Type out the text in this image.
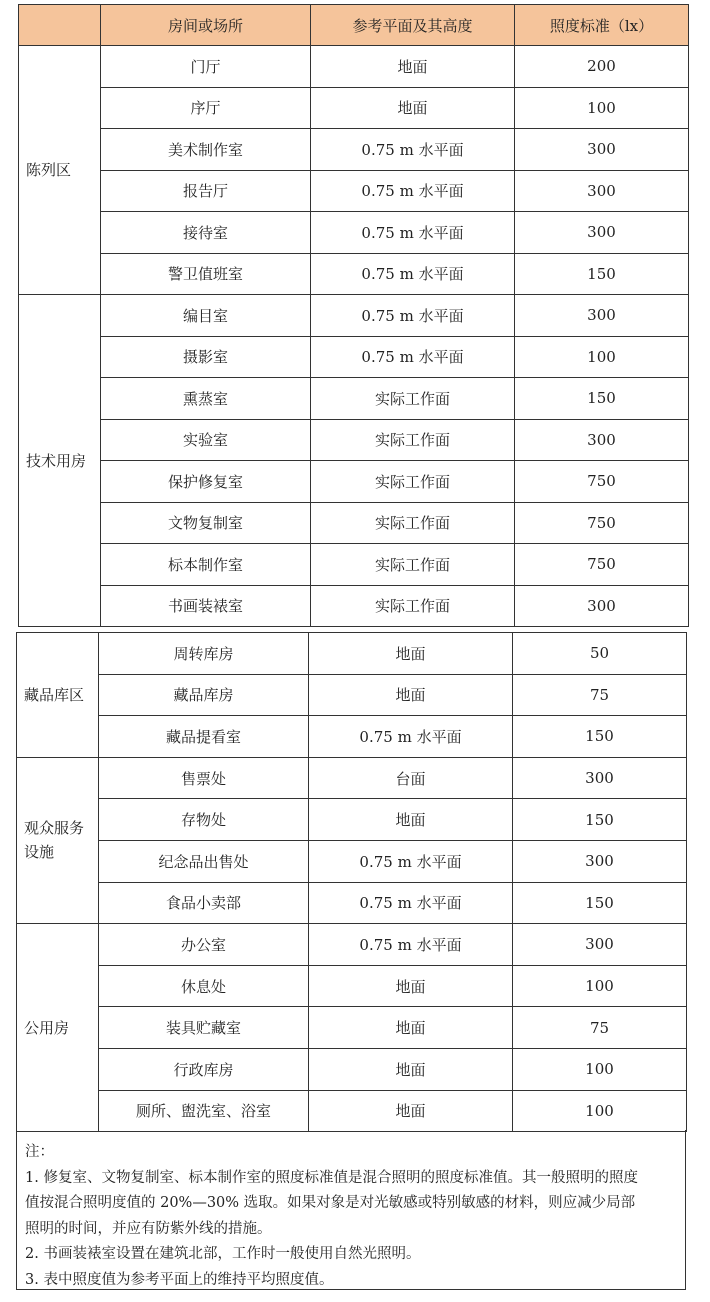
	房间或场所	参考平面及其高度	照度标准（lx）
陈列区	门厅	地面	200
	序厅	地面	100
	美术制作室	0.75 m 水平面	300
	报告厅	0.75 m 水平面	300
	接待室	0.75 m 水平面	300
	警卫值班室	0.75 m 水平面	150
技术用房	编目室	0.75 m 水平面	300
	摄影室	0.75 m 水平面	100
	熏蒸室	实际工作面	150
	实验室	实际工作面	300
	保护修复室	实际工作面	750
	文物复制室	实际工作面	750
	标本制作室	实际工作面	750
	书画装裱室	实际工作面	300
藏品库区	周转库房	地面	50
	藏品库房	地面	75
	藏品提看室	0.75 m 水平面	150
观众服务设施	售票处	台面	300
	存物处	地面	150
	纪念品出售处	0.75 m 水平面	300
	食品小卖部	0.75 m 水平面	150
公用房	办公室	0.75 m 水平面	300
	休息处	地面	100
	装具贮藏室	地面	75
	行政库房	地面	100
	厕所、盥洗室、浴室	地面	100

注：

1. 修复室、文物复制室、标本制作室的照度标准值是混合照明的照度标准值。其一般照明的照度

值按混合照明度值的 20%—30% 选取。如果对象是对光敏感或特别敏感的材料，则应减少局部

照明的时间，并应有防紫外线的措施。

2. 书画装裱室设置在建筑北部，工作时一般使用自然光照明。

3. 表中照度值为参考平面上的维持平均照度值。
